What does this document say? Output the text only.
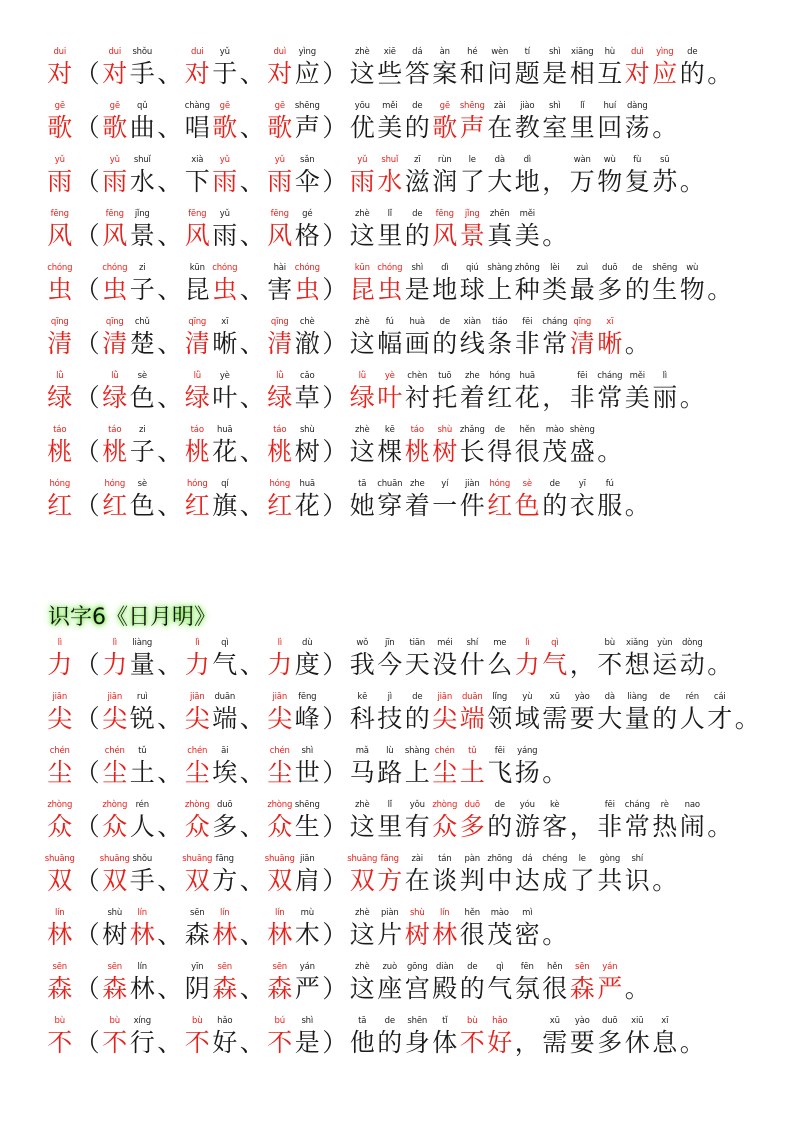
识字6《日月明》
dui
对 （
dui
对
shǒu
手 、
dui
对
yǔ
于 、
duì
对
yìng
应 ）
zhè
这
xiē
些
dá
答
àn
案
hé
和
wèn
问
tí
题
shì
是
xiāng
相
hù
互
duì
对
yìng
应
de
的 。
gē
歌 （
gē
歌
qǔ
曲 、
chàng
唱
gē
歌 、
gē
歌
shēng
声 ）
yōu
优
měi
美
de
的
gē
歌
shēng
声
zài
在
jiào
教
shì
室
lǐ
里
huí
回
dàng
荡 。
yǔ
雨 （
yǔ
雨
shuǐ
水 、
xià
下
yǔ
雨 、
yǔ
雨
sǎn
伞 ）
yǔ
雨
shuǐ
水
zī
滋
rùn
润
le
了
dà
大
dì
地 ，
wàn
万
wù
物
fù
复
sū
苏 。
fēng
风 （
fēng
风
jǐng
景 、
fēng
风
yǔ
雨 、
fēng
风
gé
格 ）
zhè
这
lǐ
里
de
的
fēng
风
jǐng
景
zhēn
真
měi
美 。
chóng
虫 （
chóng
虫
zi
子 、
kūn
昆
chóng
虫 、
hài
害
chóng
虫 ）
kūn
昆
chóng
虫
shì
是
dì
地
qiú
球
shàng
上
zhǒng
种
lèi
类
zuì
最
duō
多
de
的
shēng
生
wù
物 。
qīng
清 （
qīng
清
chǔ
楚 、
qīng
清
xī
晰 、
qīng
清
chè
澈 ）
zhè
这
fú
幅
huà
画
de
的
xiàn
线
tiáo
条
fēi
非
cháng
常
qīng
清
xī
晰 。
lǜ
绿 （
lǜ
绿
sè
色 、
lǜ
绿
yè
叶 、
lǜ
绿
cǎo
草 ）
lǜ
绿
yè
叶
chèn
衬
tuō
托
zhe
着
hóng
红
huā
花 ，
fēi
非
cháng
常
měi
美
lì
丽 。
táo
桃 （
táo
桃
zi
子 、
táo
桃
huā
花 、
táo
桃
shù
树 ）
zhè
这
kē
棵
táo
桃
shù
树
zhǎng
长
de
得
hěn
很
mào
茂
shèng
盛 。
hóng
红 （
hóng
红
sè
色 、
hóng
红
qí
旗 、
hóng
红
huā
花 ）
tā
她
chuān
穿
zhe
着
yí
一
jiàn
件
hóng
红
sè
色
de
的
yī
衣
fú
服 。
lì
力 （
lì
力
liàng
量 、
lì
力
qì
气 、
lì
力
dù
度 ）
wǒ
我
jīn
今
tiān
天
méi
没
shí
什
me
么
lì
力
qì
气 ，
bù
不
xiǎng
想
yùn
运
dòng
动 。
jiān
尖 （
jiān
尖
ruì
锐 、
jiān
尖
duān
端 、
jiān
尖
fēng
峰 ）
kē
科
jì
技
de
的
jiān
尖
duān
端
lǐng
领
yù
域
xū
需
yào
要
dà
大
liàng
量
de
的
rén
人
cái
才 。
chén
尘 （
chén
尘
tǔ
土 、
chén
尘
āi
埃 、
chén
尘
shì
世 ）
mǎ
马
lù
路
shàng
上
chén
尘
tǔ
土
fēi
飞
yáng
扬 。
zhòng
众 （
zhòng
众
rén
人 、
zhòng
众
duō
多 、
zhòng
众
shēng
生 ）
zhè
这
lǐ
里
yǒu
有
zhòng
众
duō
多
de
的
yóu
游
kè
客 ，
fēi
非
cháng
常
rè
热
nao
闹 。
shuāng
双 （
shuāng
双
shǒu
手 、
shuāng
双
fāng
方 、
shuāng
双
jiān
肩 ）
shuāng
双
fāng
方
zài
在
tán
谈
pàn
判
zhōng
中
dá
达
chéng
成
le
了
gòng
共
shí
识 。
lín
林 （
shù
树
lín
林 、
sēn
森
lín
林 、
lín
林
mù
木 ）
zhè
这
piàn
片
shù
树
lín
林
hěn
很
mào
茂
mì
密 。
sēn
森 （
sēn
森
lín
林 、
yīn
阴
sēn
森 、
sēn
森
yán
严 ）
zhè
这
zuò
座
gōng
宫
diàn
殿
de
的
qì
气
fēn
氛
hěn
很
sēn
森
yán
严 。
bù
不 （
bù
不
xíng
行 、
bù
不
hǎo
好 、
bú
不
shì
是 ）
tā
他
de
的
shēn
身
tǐ
体
bù
不
hǎo
好 ，
xū
需
yào
要
duō
多
xiū
休
xī
息 。
